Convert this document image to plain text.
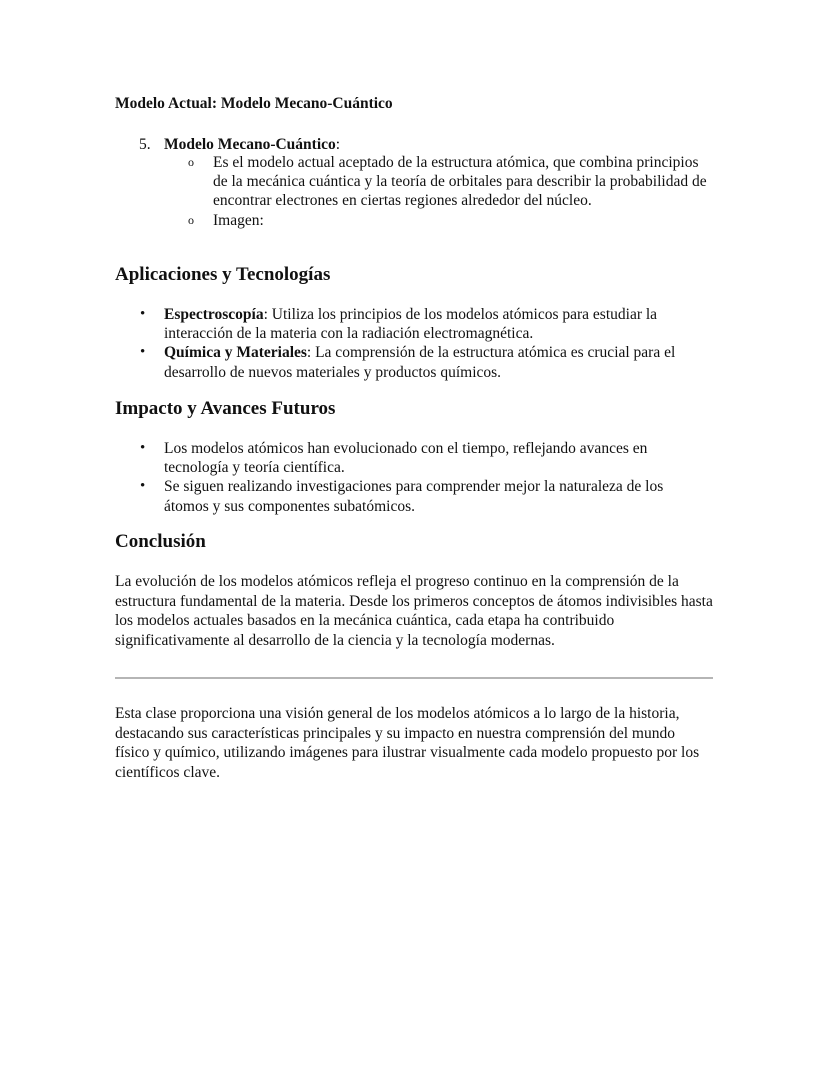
Modelo Actual: Modelo Mecano-Cuántico

5. Modelo Mecano-Cuántico:
o Es el modelo actual aceptado de la estructura atómica, que combina principios de la mecánica cuántica y la teoría de orbitales para describir la probabilidad de encontrar electrones en ciertas regiones alrededor del núcleo.
o Imagen:
Aplicaciones y Tecnologías
• Espectroscopía: Utiliza los principios de los modelos atómicos para estudiar la interacción de la materia con la radiación electromagnética.
• Química y Materiales: La comprensión de la estructura atómica es crucial para el desarrollo de nuevos materiales y productos químicos.
Impacto y Avances Futuros
• Los modelos atómicos han evolucionado con el tiempo, reflejando avances en tecnología y teoría científica.
• Se siguen realizando investigaciones para comprender mejor la naturaleza de los átomos y sus componentes subatómicos.
Conclusión

La evolución de los modelos atómicos refleja el progreso continuo en la comprensión de la estructura fundamental de la materia. Desde los primeros conceptos de átomos indivisibles hasta los modelos actuales basados en la mecánica cuántica, cada etapa ha contribuido significativamente al desarrollo de la ciencia y la tecnología modernas.

Esta clase proporciona una visión general de los modelos atómicos a lo largo de la historia, destacando sus características principales y su impacto en nuestra comprensión del mundo físico y químico, utilizando imágenes para ilustrar visualmente cada modelo propuesto por los científicos clave.
